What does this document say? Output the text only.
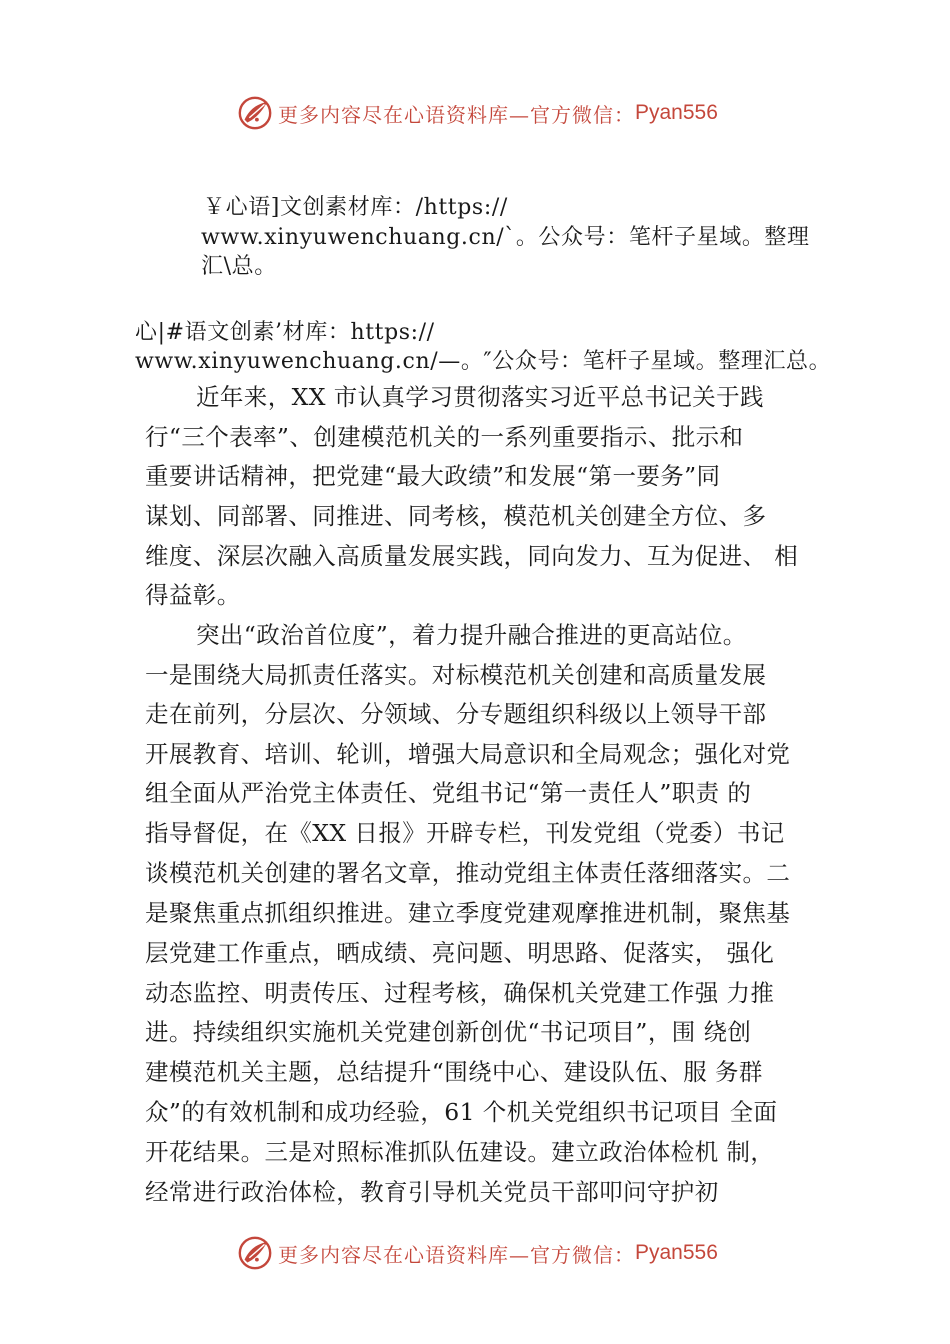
更多内容尽在心语资料库—官方微信： Pyan556
￥心语]文创素材库：/https://
www.xinyuwenchuang.cn/`。公众号：笔杆子星域。整理
汇\总。
心|#语文创素’材库：https://
www.xinyuwenchuang.cn/—。″公众号：笔杆子星域。整理汇总。
近年来，XX 市认真学习贯彻落实习近平总书记关于践
行“三个表率”、创建模范机关的一系列重要指示、批示和
重要讲话精神，把党建“最大政绩”和发展“第一要务”同
谋划、同部署、同推进、同考核，模范机关创建全方位、多
维度、深层次融入高质量发展实践，同向发力、互为促进、 相
得益彰。
突出“政治首位度”，着力提升融合推进的更高站位。
一是围绕大局抓责任落实。对标模范机关创建和高质量发展
走在前列，分层次、分领域、分专题组织科级以上领导干部
开展教育、培训、轮训，增强大局意识和全局观念；强化对党
组全面从严治党主体责任、党组书记“第一责任人”职责 的
指导督促，在《XX 日报》开辟专栏，刊发党组（党委）书记
谈模范机关创建的署名文章，推动党组主体责任落细落实。二
是聚焦重点抓组织推进。建立季度党建观摩推进机制，聚焦基
层党建工作重点，晒成绩、亮问题、明思路、促落实， 强化
动态监控、明责传压、过程考核，确保机关党建工作强 力推
进。持续组织实施机关党建创新创优“书记项目”，围 绕创
建模范机关主题，总结提升“围绕中心、建设队伍、服 务群
众”的有效机制和成功经验，61 个机关党组织书记项目 全面
开花结果。三是对照标准抓队伍建设。建立政治体检机 制，
经常进行政治体检，教育引导机关党员干部叩问守护初
更多内容尽在心语资料库—官方微信： Pyan556
